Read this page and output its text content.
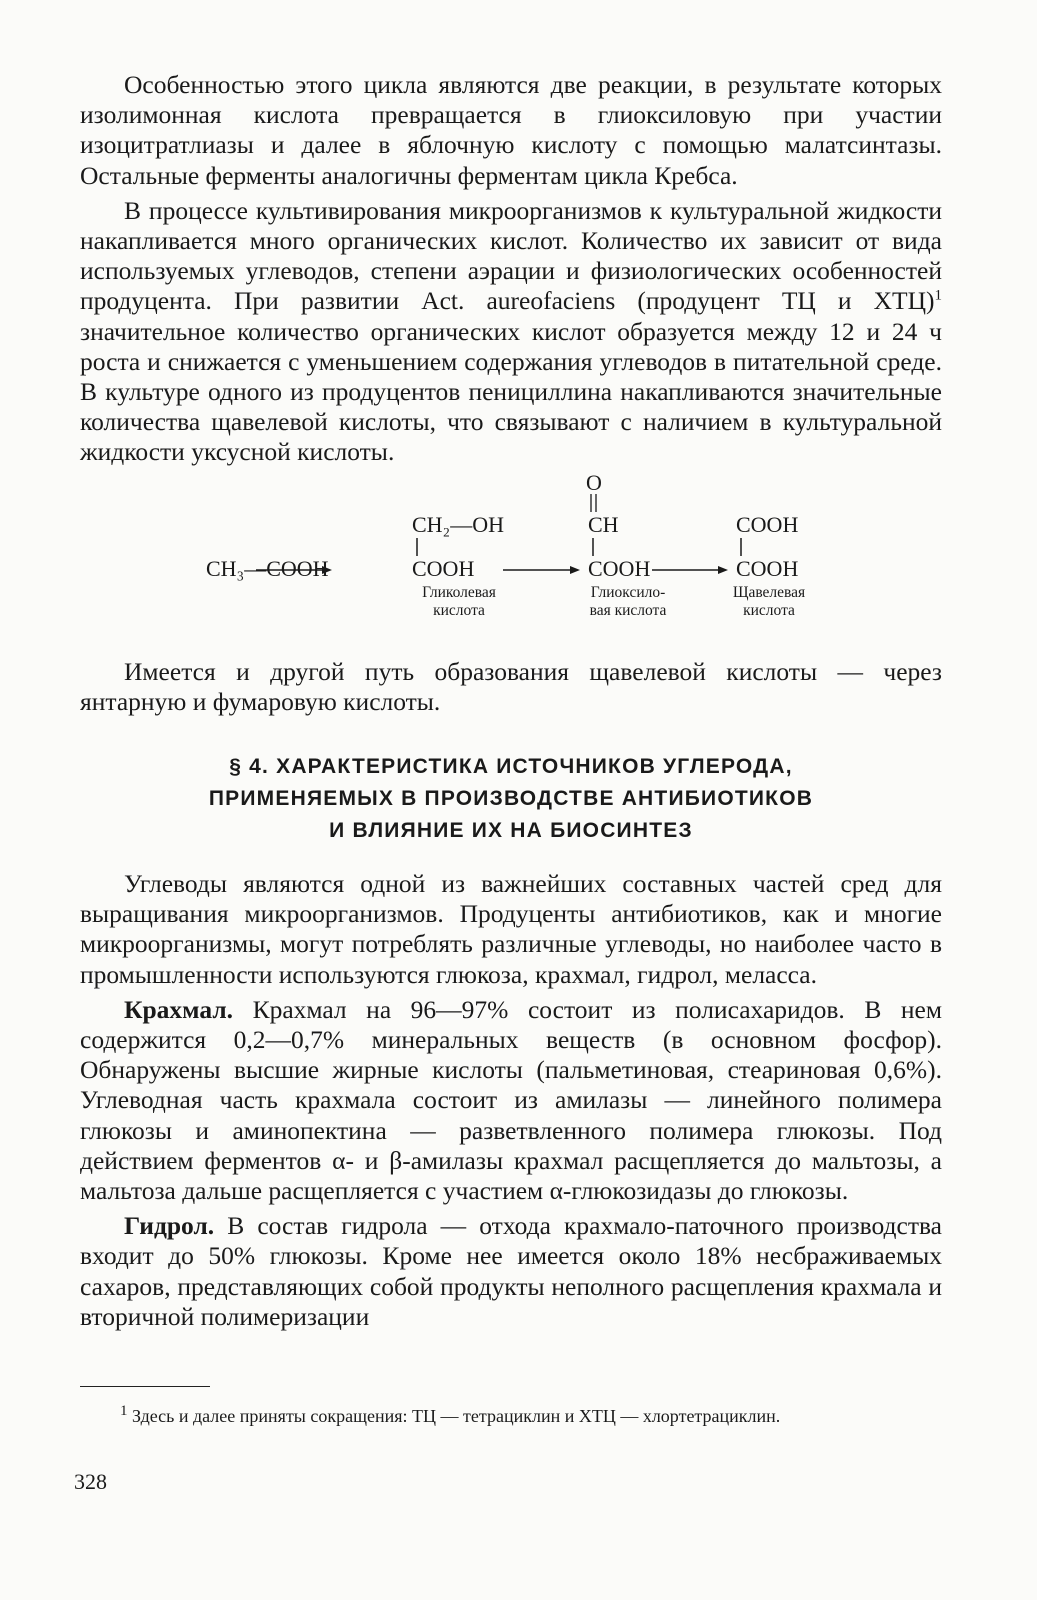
Особенностью этого цикла являются две реакции, в результате которых изолимонная кислота превращается в глиоксиловую при участии изоцитратлиазы и далее в яблочную кислоту с помощью малатсинтазы. Остальные ферменты аналогичны ферментам цикла Кребса.

В процессе культивирования микроорганизмов к культуральной жидкости накапливается много органических кислот. Количество их зависит от вида используемых углеводов, степени аэрации и физиологических особенностей продуцента. При развитии Act. aureofaciens (продуцент ТЦ и ХТЦ)$^1$ значительное количество органических кислот образуется между 12 и 24 ч роста и снижается с уменьшением содержания углеводов в питательной среде. В культуре одного из продуцентов пенициллина накапливаются значительные количества щавелевой кислоты, что связывают с наличием в культуральной жидкости уксусной кислоты.

CH₃—COOH
CH₂—OH
COOH
Гликолевая
кислота
O
CH
COOH
Глиоксило-
вая кислота
COOH
COOH
Щавелевая
кислота

Имеется и другой путь образования щавелевой кислоты — через янтарную и фумаровую кислоты.

§ 4. ХАРАКТЕРИСТИКА ИСТОЧНИКОВ УГЛЕРОДА,
ПРИМЕНЯЕМЫХ В ПРОИЗВОДСТВЕ АНТИБИОТИКОВ
И ВЛИЯНИЕ ИХ НА БИОСИНТЕЗ

Углеводы являются одной из важнейших составных частей сред для выращивания микроорганизмов. Продуценты антибиотиков, как и многие микроорганизмы, могут потреблять различные углеводы, но наиболее часто в промышленности используются глюкоза, крахмал, гидрол, меласса.

Крахмал. Крахмал на 96—97% состоит из полисахаридов. В нем содержится 0,2—0,7% минеральных веществ (в основном фосфор). Обнаружены высшие жирные кислоты (пальметиновая, стеариновая 0,6%). Углеводная часть крахмала состоит из амилазы — линейного полимера глюкозы и аминопектина — разветвленного полимера глюкозы. Под действием ферментов α- и β-амилазы крахмал расщепляется до мальтозы, а мальтоза дальше расщепляется с участием α-глюкозидазы до глюкозы.

Гидрол. В состав гидрола — отхода крахмало-паточного производства входит до 50% глюкозы. Кроме нее имеется около 18% несбраживаемых сахаров, представляющих собой продукты неполного расщепления крахмала и вторичной полимеризации

$^1$ Здесь и далее приняты сокращения: ТЦ — тетрациклин и ХТЦ — хлортетрациклин.
328
